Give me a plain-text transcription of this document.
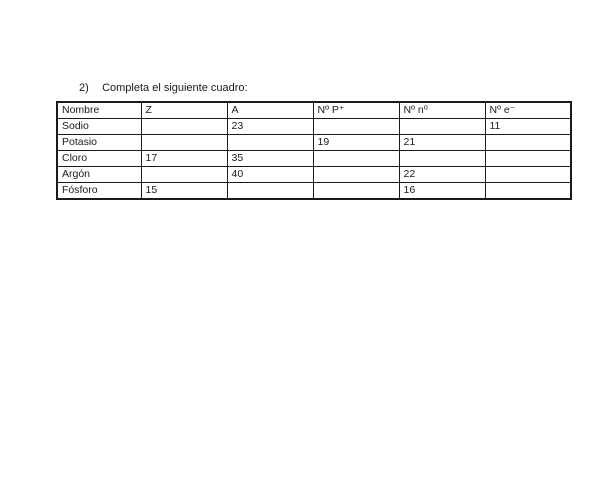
2) Completa el siguiente cuadro:
Nombre	Z	A	Nº P⁺	Nº n⁰	Nº e⁻
Sodio		23			11
Potasio			19	21	
Cloro	17	35			
Argón		40		22	
Fósforo	15			16	
